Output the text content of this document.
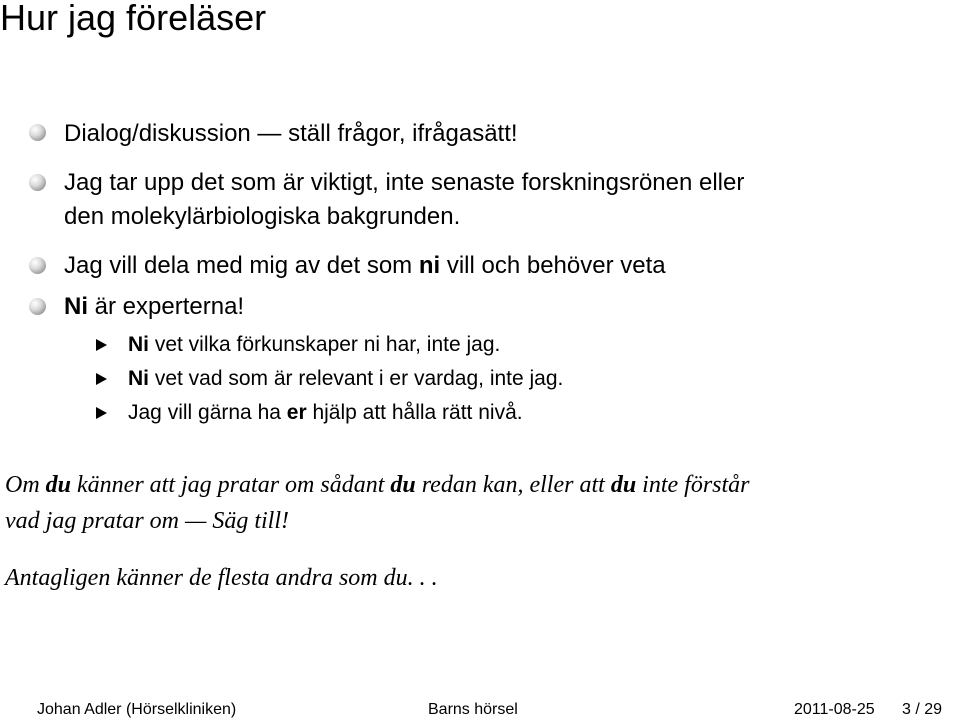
Hur jag föreläser
Dialog/diskussion — ställ frågor, ifrågasätt!
Jag tar upp det som är viktigt, inte senaste forskningsrönen eller
den molekylärbiologiska bakgrunden.
Jag vill dela med mig av det som ni vill och behöver veta
Ni är experterna!
Ni vet vilka förkunskaper ni har, inte jag.
Ni vet vad som är relevant i er vardag, inte jag.
Jag vill gärna ha er hjälp att hålla rätt nivå.
Om du känner att jag pratar om sådant du redan kan, eller att du inte förstår
vad jag pratar om — Säg till!
Antagligen känner de flesta andra som du. . .
Johan Adler (Hörselkliniken)	Barns hörsel	2011-08-25 3 / 29
